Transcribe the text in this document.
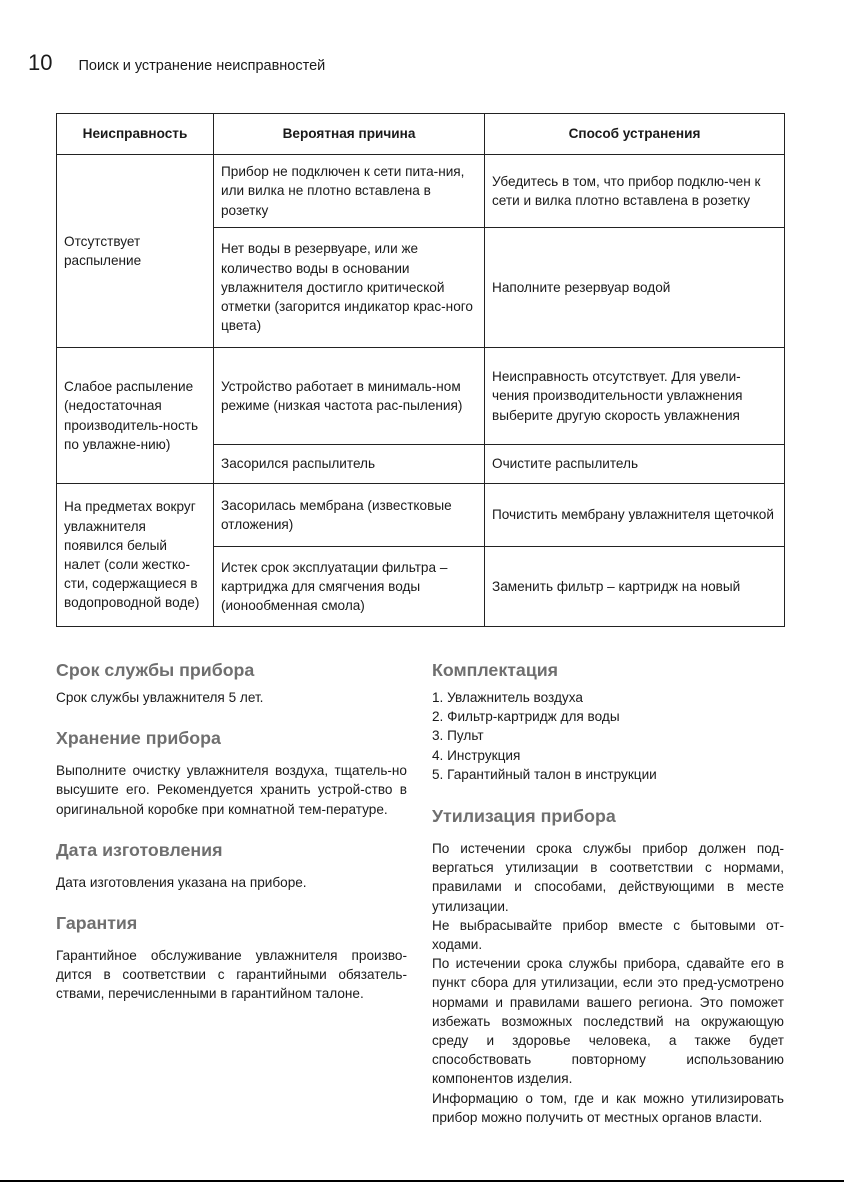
10 Поиск и устранение неисправностей
Неисправность	Вероятная причина	Способ устранения
Отсутствует распыление	Прибор не подключен к сети пита-ния, или вилка не плотно вставлена в розетку	Убедитесь в том, что прибор подклю-чен к сети и вилка плотно вставлена в розетку
	Нет воды в резервуаре, или же количество воды в основании увлажнителя достигло критической отметки (загорится индикатор крас-ного цвета)	Наполните резервуар водой
Слабое распыление (недостаточная производитель-ность по увлажне-нию)	Устройство работает в минималь-ном режиме (низкая частота рас-пыления)	Неисправность отсутствует. Для увели-чения производительности увлажнения выберите другую скорость увлажнения
	Засорился распылитель	Очистите распылитель
На предметах вокруг увлажнителя появился белый налет (соли жестко-сти, содержащиеся в водопроводной воде)	Засорилась мембрана (известковые отложения)	Почистить мембрану увлажнителя щеточкой
	Истек срок эксплуатации фильтра – картриджа для смягчения воды (ионообменная смола)	Заменить фильтр – картридж на новый
Срок службы прибора

Срок службы увлажнителя 5 лет.

Хранение прибора

Выполните очистку увлажнителя воздуха, тщатель-но высушите его. Рекомендуется хранить устрой-ство в оригинальной коробке при комнатной тем-пературе.

Дата изготовления

Дата изготовления указана на приборе.

Гарантия

Гарантийное обслуживание увлажнителя произво-дится в соответствии с гарантийными обязатель-ствами, перечисленными в гарантийном талоне.

Комплектация
1. Увлажнитель воздуха
2. Фильтр-картридж для воды
3. Пульт
4. Инструкция
5. Гарантийный талон в инструкции
Утилизация прибора

По истечении срока службы прибор должен под-вергаться утилизации в соответствии с нормами, правилами и способами, действующими в месте утилизации.

Не выбрасывайте прибор вместе с бытовыми от-ходами.

По истечении срока службы прибора, сдавайте его в пункт сбора для утилизации, если это пред-усмотрено нормами и правилами вашего региона. Это поможет избежать возможных последствий на окружающую среду и здоровье человека, а также будет способствовать повторному использованию компонентов изделия.

Информацию о том, где и как можно утилизировать прибор можно получить от местных органов власти.
